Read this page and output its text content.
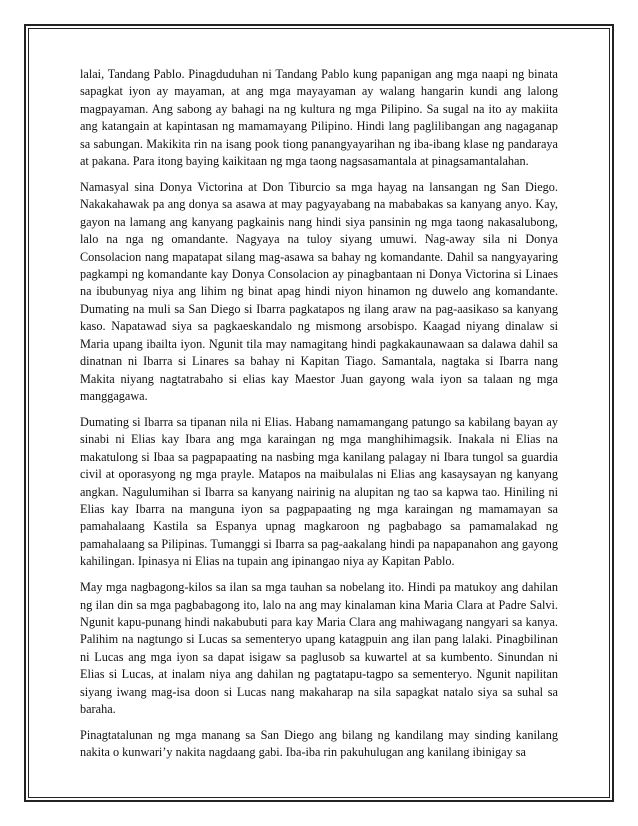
lalai, Tandang Pablo. Pinagduduhan ni Tandang Pablo kung papanigan ang mga naapi ng binata sapagkat iyon ay mayaman, at ang mga mayayaman ay walang hangarin kundi ang lalong magpayaman. Ang sabong ay bahagi na ng kultura ng mga Pilipino. Sa sugal na ito ay makiita ang katangain at kapintasan ng mamamayang Pilipino. Hindi lang paglilibangan ang nagaganap sa sabungan. Makikita rin na isang pook tiong panangyayarihan ng iba-ibang klase ng pandaraya at pakana. Para itong baying kaikitaan ng mga taong nagsasamantala at pinagsamantalahan.

Namasyal sina Donya Victorina at Don Tiburcio sa mga hayag na lansangan ng San Diego. Nakakahawak pa ang donya sa asawa at may pagyayabang na mababakas sa kanyang anyo. Kay, gayon na lamang ang kanyang pagkainis nang hindi siya pansinin ng mga taong nakasalubong, lalo na nga ng omandante. Nagyaya na tuloy siyang umuwi. Nag-away sila ni Donya Consolacion nang mapatapat silang mag-asawa sa bahay ng komandante. Dahil sa nangyayaring pagkampi ng komandante kay Donya Consolacion ay pinagbantaan ni Donya Victorina si Linaes na ibubunyag niya ang lihim ng binat apag hindi niyon hinamon ng duwelo ang komandante. Dumating na muli sa San Diego si Ibarra pagkatapos ng ilang araw na pag-aasikaso sa kanyang kaso. Napatawad siya sa pagkaeskandalo ng mismong arsobispo. Kaagad niyang dinalaw si Maria upang ibailta iyon. Ngunit tila may namagitang hindi pagkakaunawaan sa dalawa dahil sa dinatnan ni Ibarra si Linares sa bahay ni Kapitan Tiago. Samantala, nagtaka si Ibarra nang Makita niyang nagtatrabaho si elias kay Maestor Juan gayong wala iyon sa talaan ng mga manggagawa.

Dumating si Ibarra sa tipanan nila ni Elias. Habang namamangang patungo sa kabilang bayan ay sinabi ni Elias kay Ibara ang mga karaingan ng mga manghihimagsik. Inakala ni Elias na makatulong si Ibaa sa pagpapaating na nasbing mga kanilang palagay ni Ibara tungol sa guardia civil at oporasyong ng mga prayle. Matapos na maibulalas ni Elias ang kasaysayan ng kanyang angkan. Nagulumihan si Ibarra sa kanyang nairinig na alupitan ng tao sa kapwa tao. Hiniling ni Elias kay Ibarra na manguna iyon sa pagpapaating ng mga karaingan ng mamamayan sa pamahalaang Kastila sa Espanya upnag magkaroon ng pagbabago sa pamamalakad ng pamahalaang sa Pilipinas. Tumanggi si Ibarra sa pag-aakalang hindi pa napapanahon ang gayong kahilingan. Ipinasya ni Elias na tupain ang ipinangao niya ay Kapitan Pablo.

May mga nagbagong-kilos sa ilan sa mga tauhan sa nobelang ito. Hindi pa matukoy ang dahilan ng ilan din sa mga pagbabagong ito, lalo na ang may kinalaman kina Maria Clara at Padre Salvi. Ngunit kapu-punang hindi nakabubuti para kay Maria Clara ang mahiwagang nangyari sa kanya. Palihim na nagtungo si Lucas sa sementeryo upang katagpuin ang ilan pang lalaki. Pinagbilinan ni Lucas ang mga iyon sa dapat isigaw sa paglusob sa kuwartel at sa kumbento. Sinundan ni Elias si Lucas, at inalam niya ang dahilan ng pagtatapu-tagpo sa sementeryo. Ngunit napilitan siyang iwang mag-isa doon si Lucas nang makaharap na sila sapagkat natalo siya sa suhal sa baraha.

Pinagtatalunan ng mga manang sa San Diego ang bilang ng kandilang may sinding kanilang nakita o kunwari’y nakita nagdaang gabi. Iba-iba rin pakuhulugan ang kanilang ibinigay sa
